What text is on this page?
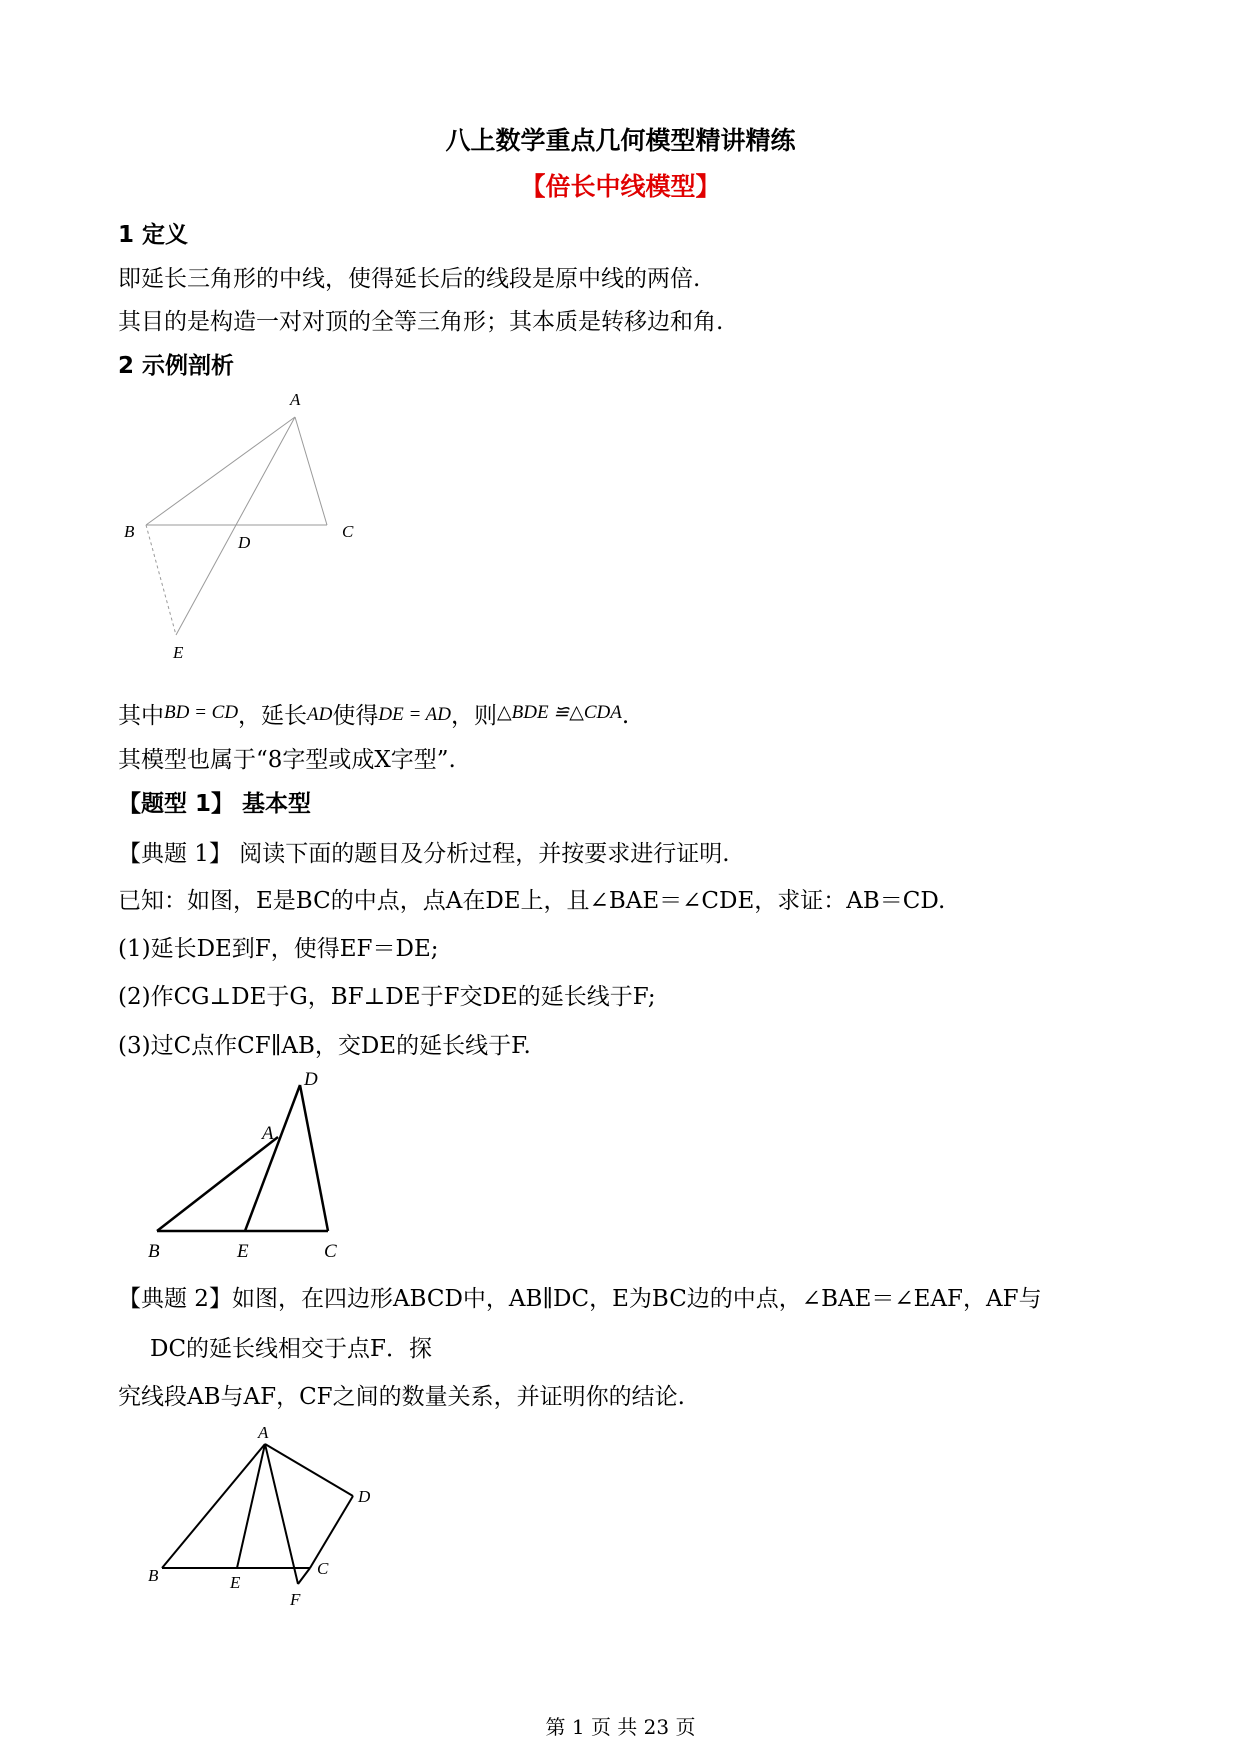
八上数学重点几何模型精讲精练
【倍长中线模型】
1 定义
即延长三角形的中线，使得延长后的线段是原中线的两倍.
其目的是构造一对对顶的全等三角形；其本质是转移边和角.
2 示例剖析
A
B	C
D
E
其中$^{BD = CD}$，延长AD使得DE = AD，则$^{\triangle BDE ≌\triangle CDA}$.
其模型也属于“8字型或成X字型”.
【题型 1】 基本型
【典题 1】 阅读下面的题目及分析过程，并按要求进行证明.
已知：如图，E是BC的中点，点A在DE上，且∠BAE＝∠CDE，求证：AB＝CD.
(1)延长DE到F，使得EF＝DE;
(2)作CG⊥DE于G，BF⊥DE于F交DE的延长线于F;
(3)过C点作CF∥AB，交DE的延长线于F.
D
A
B	E	C
【典题 2】如图，在四边形ABCD中，AB∥DC，E为BC边的中点，∠BAE＝∠EAF，AF与
DC的延长线相交于点F．探
究线段AB与AF，CF之间的数量关系，并证明你的结论.
A
D
B	E
C
F
第 1 页 共 23 页
